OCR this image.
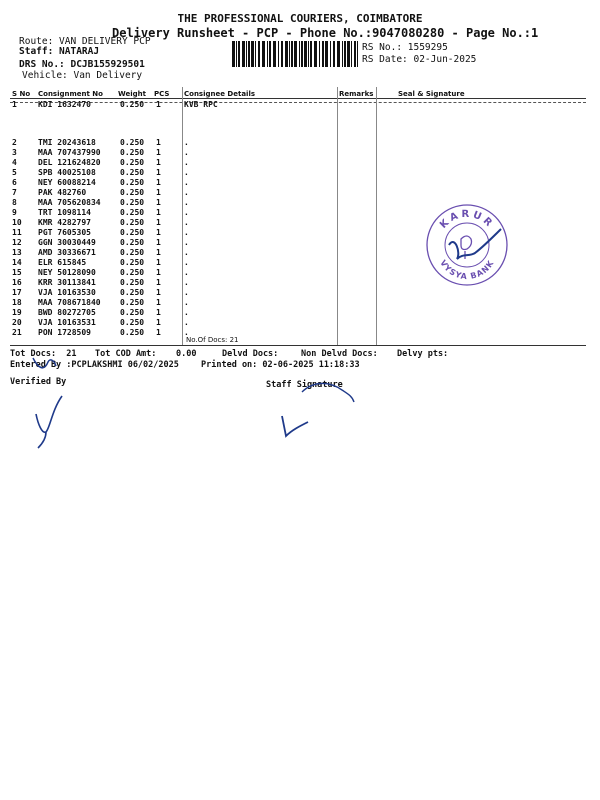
THE PROFESSIONAL COURIERS, COIMBATORE
Delivery Runsheet - PCP - Phone No.:9047080280 - Page No.:1
Route: VAN DELIVERY PCP
Staff: NATARAJ
DRS No.: DCJB155929501
Vehicle: Van Delivery
RS No.: 1559295
RS Date: 02-Jun-2025
S No	Consignment No	Weight	PCS	Consignee Details	Remarks	Seal & Signature
1	KDI 1632470	0.250	1	KVB RPC		
2	TMI 20243618	0.250	1	.		
3	MAA 707437990	0.250	1	.		
4	DEL 121624820	0.250	1	.		
5	SPB 40025108	0.250	1	.		
6	NEY 60088214	0.250	1	.		
7	PAK 482760	0.250	1	.		
8	MAA 705620834	0.250	1	.		
9	TRT 1098114	0.250	1	.		
10	KMR 4282797	0.250	1	.		
11	PGT 7605305	0.250	1	.		
12	GGN 30030449	0.250	1	.		
13	AMD 30336671	0.250	1	.		
14	ELR 615845	0.250	1	.		
15	NEY 50128090	0.250	1	.		
16	KRR 30113841	0.250	1	.		
17	VJA 10163530	0.250	1	.		
18	MAA 708671840	0.250	1	.		
19	BWD 80272705	0.250	1	.		
20	VJA 10163531	0.250	1	.		
21	PON 1728509	0.250	1	.		
No.Of Docs: 21
KARUR
VYSYA BANK
Tot Docs:  21 Tot COD Amt: 0.00	Delvd Docs:	Non Delvd Docs: Delvy pts:
Entered By :PCPLAKSHMI 06/02/2025	Printed on: 02-06-2025 11:18:33
Verified By	Staff Signature
